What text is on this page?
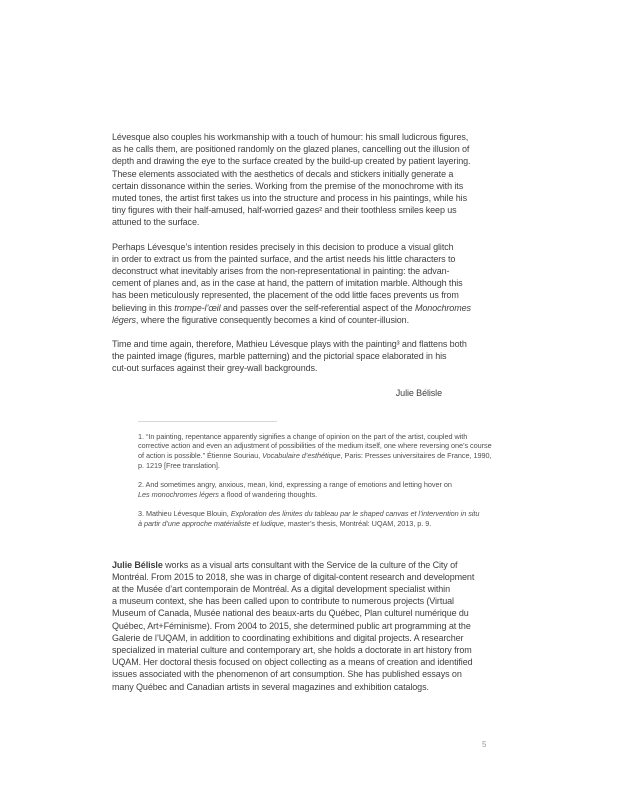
Lévesque also couples his workmanship with a touch of humour: his small ludicrous figures,
as he calls them, are positioned randomly on the glazed planes, cancelling out the illusion of
depth and drawing the eye to the surface created by the build-up created by patient layering.
These elements associated with the aesthetics of decals and stickers initially generate a
certain dissonance within the series. Working from the premise of the monochrome with its
muted tones, the artist first takes us into the structure and process in his paintings, while his
tiny figures with their half-amused, half-worried gazes² and their toothless smiles keep us
attuned to the surface.
Perhaps Lévesque’s intention resides precisely in this decision to produce a visual glitch
in order to extract us from the painted surface, and the artist needs his little characters to
deconstruct what inevitably arises from the non-representational in painting: the advan-
cement of planes and, as in the case at hand, the pattern of imitation marble. Although this
has been meticulously represented, the placement of the odd little faces prevents us from
believing in this trompe-l’œil and passes over the self-referential aspect of the Monochromes
légers, where the figurative consequently becomes a kind of counter-illusion.
Time and time again, therefore, Mathieu Lévesque plays with the painting³ and flattens both
the painted image (figures, marble patterning) and the pictorial space elaborated in his
cut-out surfaces against their grey-wall backgrounds.
Julie Bélisle
1. “In painting, repentance apparently signifies a change of opinion on the part of the artist, coupled with
corrective action and even an adjustment of possibilities of the medium itself, one where reversing one’s course
of action is possible.” Étienne Souriau, Vocabulaire d’esthétique, Paris: Presses universitaires de France, 1990,
p. 1219 [Free translation].
2. And sometimes angry, anxious, mean, kind, expressing a range of emotions and letting hover on
Les monochromes légers a flood of wandering thoughts.
3. Mathieu Lévesque Blouin, Exploration des limites du tableau par le shaped canvas et l’intervention in situ
à partir d’une approche matérialiste et ludique, master’s thesis, Montréal: UQAM, 2013, p. 9.
Julie Bélisle works as a visual arts consultant with the Service de la culture of the City of
Montréal. From 2015 to 2018, she was in charge of digital-content research and development
at the Musée d’art contemporain de Montréal. As a digital development specialist within
a museum context, she has been called upon to contribute to numerous projects (Virtual
Museum of Canada, Musée national des beaux-arts du Québec, Plan culturel numérique du
Québec, Art+Féminisme). From 2004 to 2015, she determined public art programming at the
Galerie de l’UQAM, in addition to coordinating exhibitions and digital projects. A researcher
specialized in material culture and contemporary art, she holds a doctorate in art history from
UQAM. Her doctoral thesis focused on object collecting as a means of creation and identified
issues associated with the phenomenon of art consumption. She has published essays on
many Québec and Canadian artists in several magazines and exhibition catalogs.
5
